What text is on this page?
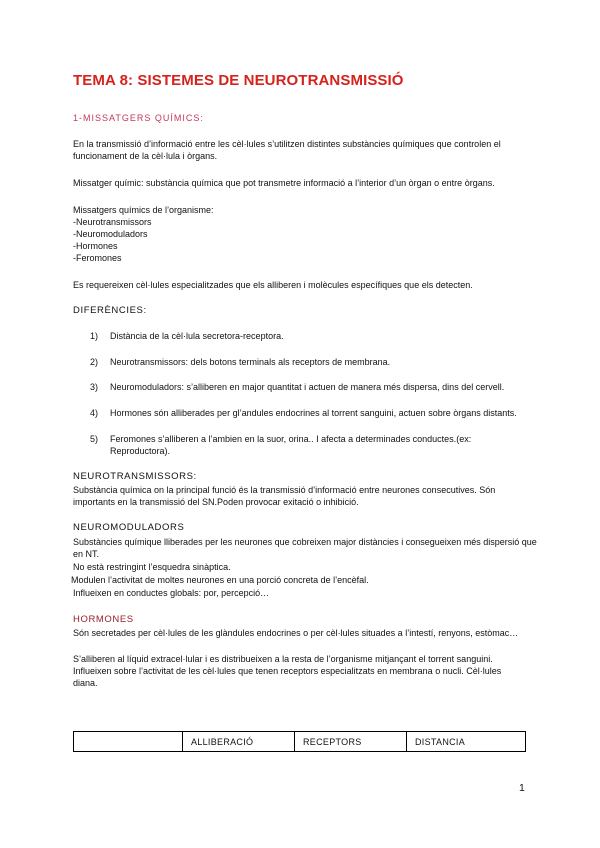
TEMA 8: SISTEMES DE NEUROTRANSMISSIÓ
1-MISSATGERS QUÍMICS:
En la transmissió d’informació entre les cèl·lules s’utilitzen distintes substàncies químiques que controlen el funcionament de la cèl·lula i òrgans.
Missatger químic: substància química que pot transmetre informació a l’interior d’un òrgan o entre òrgans.
Missatgers químics de l’organisme:
-Neurotransmissors
-Neuromoduladors
-Hormones
-Feromones
Es requereixen cèl·lules especialitzades que els alliberen i molècules específiques que els detecten.
DIFERÈNCIES:
1) Distància de la cèl·lula secretora-receptora.
2) Neurotransmissors: dels botons terminals als receptors de membrana.
3) Neuromoduladors: s’alliberen en major quantitat i actuen de manera més dispersa, dins del cervell.
4) Hormones són alliberades per gl’andules endocrines al torrent sanguini, actuen sobre òrgans distants.
5) Feromones s’alliberen a l’ambien en la suor, orina.. I afecta a determinades conductes.(ex: Reproductora).
NEUROTRANSMISSORS:
Substància química on la principal funció és la transmissió d’informació entre neurones consecutives. Són importants en la transmissió del SN.Poden provocar exitació o inhibició.
NEUROMODULADORS
Substàncies químique lliberades per les neurones que cobreixen major distàncies i consegueixen més dispersió que en NT.
No està restringint l’esquedra sinàptica.
Modulen l’activitat de moltes neurones en una porció concreta de l’encèfal.
Influeixen en conductes globals: por, percepció…
HORMONES
Són secretades per cèl·lules de les glàndules endocrines o per cèl·lules situades a l’intestí, renyons, estòmac…
S’alliberen al líquid extracel·lular i es distribueixen a la resta de l’organisme mitjançant el torrent sanguini.
Influeixen sobre l’activitat de les cèl·lules que tenen receptors especialitzats en membrana o nucli. Cèl·lules diana.
	ALLIBERACIÓ	RECEPTORS	DISTANCIA
1
